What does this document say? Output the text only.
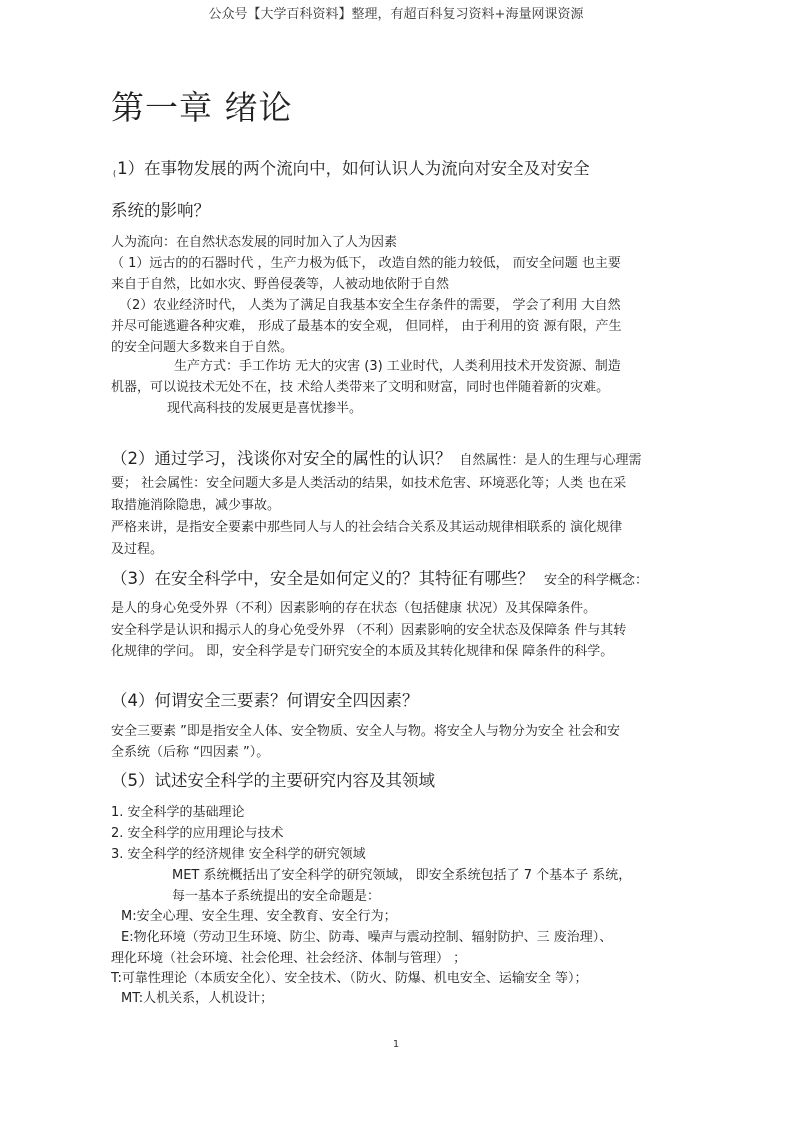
公众号【大学百科资料】整理，有超百科复习资料+海量网课资源
第一章 绪论
(1）在事物发展的两个流向中，如何认识人为流向对安全及对安全
系统的影响？
人为流向：在自然状态发展的同时加入了人为因素
（ 1）远古的的石器时代 ，生产力极为低下， 改造自然的能力较低， 而安全问题 也主要
来自于自然，比如水灾、野兽侵袭等，人被动地依附于自然
（2）农业经济时代， 人类为了满足自我基本安全生存条件的需要， 学会了利用 大自然
并尽可能逃避各种灾难， 形成了最基本的安全观， 但同样， 由于利用的资 源有限，产生
的安全问题大多数来自于自然。
生产方式：手工作坊 无大的灾害 (3) 工业时代，人类利用技术开发资源、制造
机器，可以说技术无处不在，技 术给人类带来了文明和财富，同时也伴随着新的灾难。
现代高科技的发展更是喜忧掺半。
（2）通过学习，浅谈你对安全的属性的认识？ 自然属性：是人的生理与心理需
要； 社会属性：安全问题大多是人类活动的结果，如技术危害、环境恶化等；人类 也在采
取措施消除隐患，减少事故。
严格来讲，是指安全要素中那些同人与人的社会结合关系及其运动规律相联系的 演化规律
及过程。
（3）在安全科学中，安全是如何定义的？其特征有哪些？ 安全的科学概念：
是人的身心免受外界（不利）因素影响的存在状态（包括健康 状况）及其保障条件。
安全科学是认识和揭示人的身心免受外界 （不利）因素影响的安全状态及保障条 件与其转
化规律的学问。 即，安全科学是专门研究安全的本质及其转化规律和保 障条件的科学。
（4）何谓安全三要素？何谓安全四因素？
安全三要素 ”即是指安全人体、安全物质、安全人与物。将安全人与物分为安全 社会和安
全系统（后称 “四因素 ”）。
（5）试述安全科学的主要研究内容及其领域
1. 安全科学的基础理论
2. 安全科学的应用理论与技术
3. 安全科学的经济规律 安全科学的研究领域
MET 系统概括出了安全科学的研究领域， 即安全系统包括了 7 个基本子 系统，
每一基本子系统提出的安全命题是：
M:安全心理、安全生理、安全教育、安全行为；
E:物化环境（劳动卫生环境、防尘、防毒、噪声与震动控制、辐射防护、三 废治理）、
理化环境（社会环境、社会伦理、社会经济、体制与管理） ；
T:可靠性理论（本质安全化）、安全技术、（防火、防爆、机电安全、运输安全 等）；
MT:人机关系，人机设计；
1
